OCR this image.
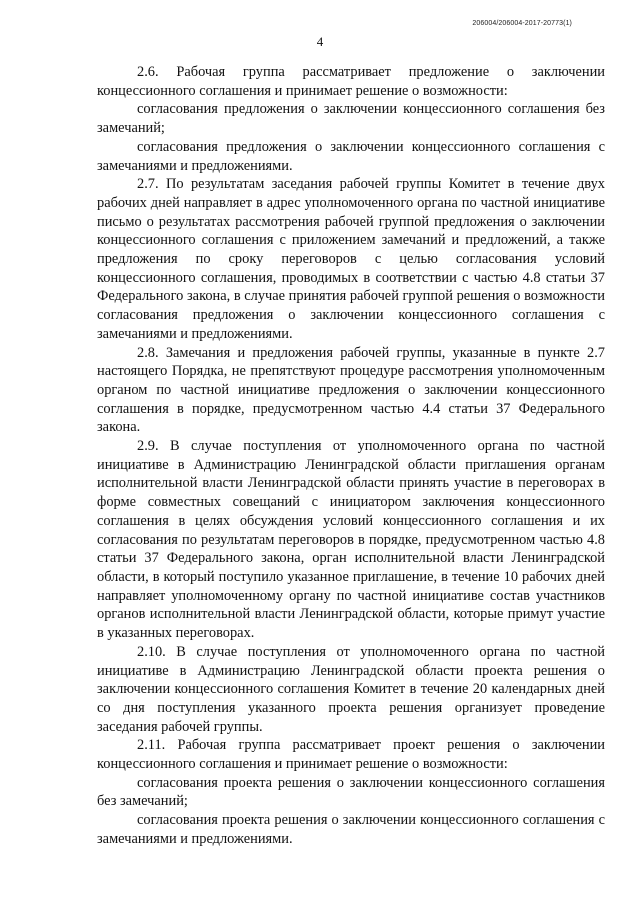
206004/206004-2017-20773(1)
4

2.6. Рабочая группа рассматривает предложение о заключении концессионного соглашения и принимает решение о возможности:

согласования предложения о заключении концессионного соглашения без замечаний;

согласования предложения о заключении концессионного соглашения с замечаниями и предложениями.

2.7. По результатам заседания рабочей группы Комитет в течение двух рабочих дней направляет в адрес уполномоченного органа по частной инициативе письмо о результатах рассмотрения рабочей группой предложения о заключении концессионного соглашения с приложением замечаний и предложений, а также предложения по сроку переговоров с целью согласования условий концессионного соглашения, проводимых в соответствии с частью 4.8 статьи 37 Федерального закона, в случае принятия рабочей группой решения о возможности согласования предложения о заключении концессионного соглашения с замечаниями и предложениями.

2.8. Замечания и предложения рабочей группы, указанные в пункте 2.7 настоящего Порядка, не препятствуют процедуре рассмотрения уполномоченным органом по частной инициативе предложения о заключении концессионного соглашения в порядке, предусмотренном частью 4.4 статьи 37 Федерального закона.

2.9. В случае поступления от уполномоченного органа по частной инициативе в Администрацию Ленинградской области приглашения органам исполнительной власти Ленинградской области принять участие в переговорах в форме совместных совещаний с инициатором заключения концессионного соглашения в целях обсуждения условий концессионного соглашения и их согласования по результатам переговоров в порядке, предусмотренном частью 4.8 статьи 37 Федерального закона, орган исполнительной власти Ленинградской области, в который поступило указанное приглашение, в течение 10 рабочих дней направляет уполномоченному органу по частной инициативе состав участников органов исполнительной власти Ленинградской области, которые примут участие в указанных переговорах.

2.10. В случае поступления от уполномоченного органа по частной инициативе в Администрацию Ленинградской области проекта решения о заключении концессионного соглашения Комитет в течение 20 календарных дней со дня поступления указанного проекта решения организует проведение заседания рабочей группы.

2.11. Рабочая группа рассматривает проект решения о заключении концессионного соглашения и принимает решение о возможности:

согласования проекта решения о заключении концессионного соглашения без замечаний;

согласования проекта решения о заключении концессионного соглашения с замечаниями и предложениями.
